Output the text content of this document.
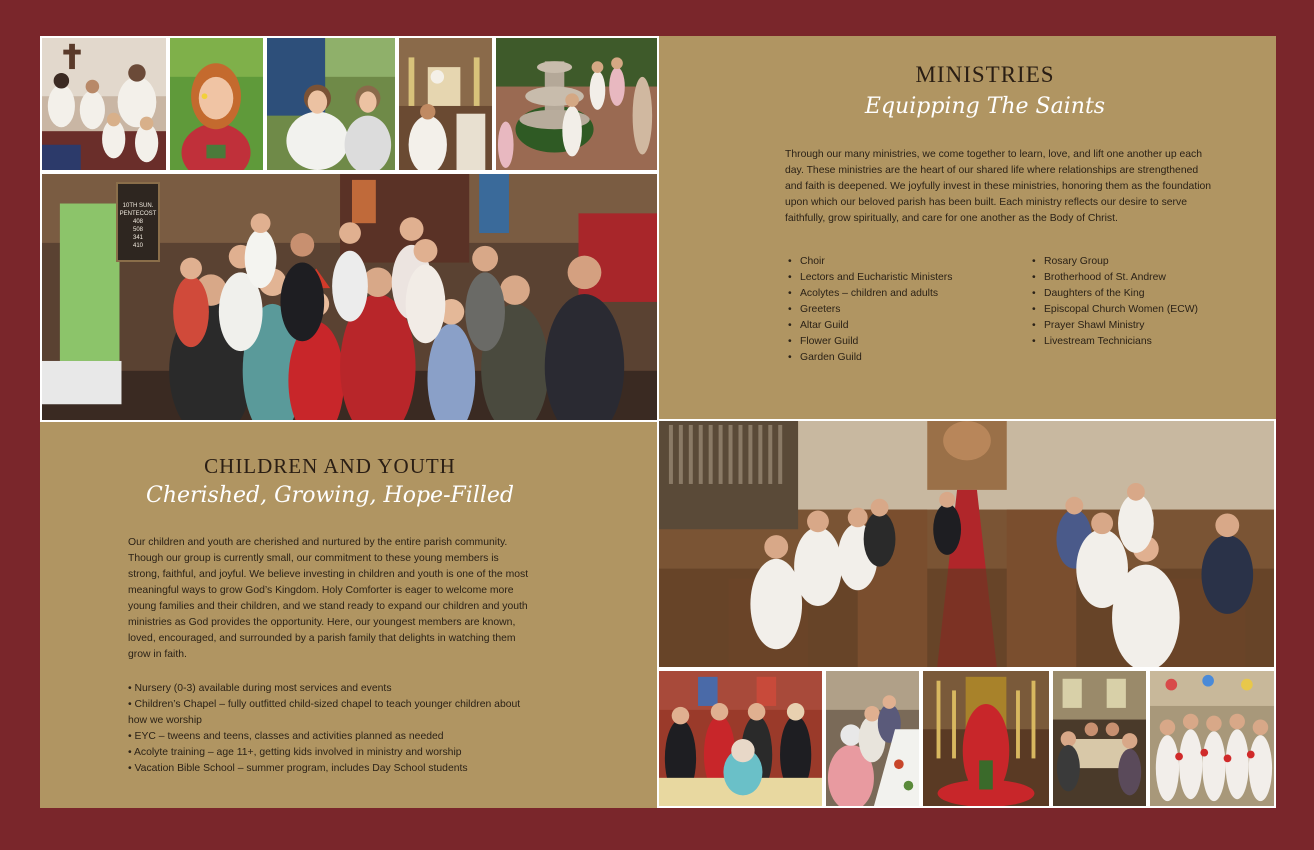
10TH SUN.
PENTECOST
408
508
341
410
MINISTRIES
Equipping The Saints
Through our many ministries, we come together to learn, love, and lift one another up each day. These ministries are the heart of our shared life where relationships are strengthened and faith is deepened. We joyfully invest in these ministries, honoring them as the foundation upon which our beloved parish has been built. Each ministry reflects our desire to serve faithfully, grow spiritually, and care for one another as the Body of Christ.
• Choir
• Lectors and Eucharistic Ministers
• Acolytes – children and adults
• Greeters
• Altar Guild
• Flower Guild
• Garden Guild
• Rosary Group
• Brotherhood of St. Andrew
• Daughters of the King
• Episcopal Church Women (ECW)
• Prayer Shawl Ministry
• Livestream Technicians
CHILDREN AND YOUTH
Cherished, Growing, Hope-Filled
Our children and youth are cherished and nurtured by the entire parish community. Though our group is currently small, our commitment to these young members is strong, faithful, and joyful. We believe investing in children and youth is one of the most meaningful ways to grow God’s Kingdom. Holy Comforter is eager to welcome more young families and their children, and we stand ready to expand our children and youth ministries as God provides the opportunity. Here, our youngest members are known, loved, encouraged, and surrounded by a parish family that delights in watching them grow in faith.
• Nursery (0-3) available during most services and events
• Children’s Chapel – fully outfitted child-sized chapel to teach younger children about how we worship
• EYC – tweens and teens, classes and activities planned as needed
• Acolyte training – age 11+, getting kids involved in ministry and worship
• Vacation Bible School – summer program, includes Day School students
